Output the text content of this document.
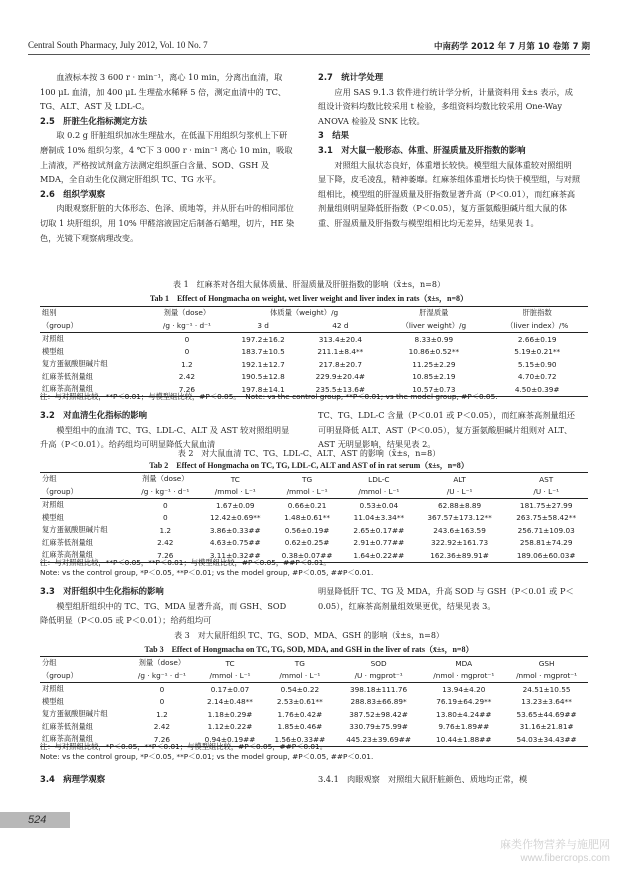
Central South Pharmacy, July 2012, Vol. 10 No. 7	中南药学 2012 年 7 月第 10 卷第 7 期

血液标本按 3 600 r · min⁻¹，离心 10 min，分离出血清，取 100 μL 血清，加 400 μL 生理盐水稀释 5 倍，测定血清中的 TC、TG、ALT、AST 及 LDL-C。

2.5　肝脏生化指标测定方法

取 0.2 g 肝脏组织加冰生理盐水，在低温下用组织匀浆机上下研磨制成 10% 组织匀浆，4 ℃下 3 000 r · min⁻¹ 离心 10 min，吸取上清液，严格按试剂盒方法测定组织蛋白含量、SOD、GSH 及 MDA，全自动生化仪测定肝组织 TC、TG 水平。

2.6　组织学观察

肉眼观察肝脏的大体形态、色泽、质地等，并从肝右叶的相同部位切取 1 块肝组织，用 10% 甲醛溶液固定后制备石蜡埋，切片，HE 染色，光镜下观察病理改变。

2.7　统计学处理

应用 SAS 9.1.3 软件进行统计学分析，计量资料用 x̄±s 表示，成组设计资料均数比较采用 t 检验，多组资料均数比较采用 One-Way ANOVA 检验及 SNK 比较。

3　结果

3.1　对大鼠一般形态、体重、肝湿质量及肝指数的影响

对照组大鼠状态良好，体重增长较快。模型组大鼠体重较对照组明显下降，皮毛凌乱，精神萎靡。红麻茶组体重增长均快于模型组，与对照组相比，模型组的肝湿质量及肝指数显著升高（P＜0.01），而红麻茶高剂量组则明显降低肝指数（P＜0.05），复方蛋氨酸胆碱片组大鼠的体重、肝湿质量及肝指数与模型组相比均无差异，结果见表 1。

表 1　红麻茶对各组大鼠体质量、肝湿质量及肝脏指数的影响（x̄±s，n=8）
Tab 1　Effect of Hongmacha on weight, wet liver weight and liver index in rats（x̄±s，n=8）
组别	剂量（dose）	体质量（weight）/g		肝湿质量	肝脏指数
（group）	/g · kg⁻¹ · d⁻¹	3 d	42 d	（liver weight）/g	（liver index）/%
对照组	0	197.2±16.2	313.4±20.4	8.33±0.99	2.66±0.19
模型组	0	183.7±10.5	211.1±8.4**	10.86±0.52**	5.19±0.21**
复方蛋氨酸胆碱片组	1.2	192.1±12.7	217.8±20.7	11.25±2.29	5.15±0.90
红麻茶低剂量组	2.42	190.5±12.8	229.9±20.4#	10.85±2.19	4.70±0.72
红麻茶高剂量组	7.26	197.8±14.1	235.5±13.6#	10.57±0.73	4.50±0.39#
注：与对照组比较，**P＜0.01；与模型组比较，#P＜0.05。 Note: vs the control group, **P＜0.01; vs the model group, #P＜0.05.

3.2　对血清生化指标的影响

模型组中的血清 TC、TG、LDL-C、ALT 及 AST 较对照组明显升高（P＜0.01）。给药组均可明显降低大鼠血清

TC、TG、LDL-C 含量（P＜0.01 或 P＜0.05），而红麻茶高剂量组还可明显降低 ALT、AST（P＜0.05），复方蛋氨酸胆碱片组则对 ALT、AST 无明显影响，结果见表 2。

表 2　对大鼠血清 TC、TG、LDL-C、ALT、AST 的影响（x̄±s，n=8）
Tab 2　Effect of Hongmacha on TC, TG, LDL-C, ALT and AST of in rat serum（x̄±s，n=8）
分组	剂量（dose）	TC	TG	LDL-C	ALT	AST
（group）	/g · kg⁻¹ · d⁻¹	/mmol · L⁻¹	/mmol · L⁻¹	/mmol · L⁻¹	/U · L⁻¹	/U · L⁻¹
对照组	0	1.67±0.09	0.66±0.21	0.53±0.04	62.88±8.89	181.75±27.99
模型组	0	12.42±0.69**	1.48±0.61**	11.04±3.34**	367.57±173.12**	263.75±58.42**
复方蛋氨酸胆碱片组	1.2	3.86±0.33##	0.56±0.19#	2.65±0.17##	243.6±163.59	256.71±109.03
红麻茶低剂量组	2.42	4.63±0.75##	0.62±0.25#	2.91±0.77##	322.92±161.73	258.81±74.29
红麻茶高剂量组	7.26	3.11±0.32##	0.38±0.07##	1.64±0.22##	162.36±89.91#	189.06±60.03#
注：与对照组比较，**P＜0.05，**P＜0.01；与模型组比较，#P＜0.05，##P＜0.01。
Note: vs the control group, *P＜0.05, **P＜0.01; vs the model group, #P＜0.05, ##P＜0.01.

3.3　对肝组织中生化指标的影响

模型组肝组织中的 TC、TG、MDA 显著升高，而 GSH、SOD 降低明显（P＜0.05 或 P＜0.01）；给药组均可

明显降低肝 TC、TG 及 MDA，升高 SOD 与 GSH（P＜0.01 或 P＜0.05），红麻茶高剂量组效果更优，结果见表 3。

表 3　对大鼠肝组织 TC、TG、SOD、MDA、GSH 的影响（x̄±s，n=8）
Tab 3　Effect of Hongmacha on TC, TG, SOD, MDA, and GSH in the liver of rats（x̄±s，n=8）
分组	剂量（dose）	TC	TG	SOD	MDA	GSH
（group）	/g · kg⁻¹ · d⁻¹	/mmol · L⁻¹	/mmol · L⁻¹	/U · mgprot⁻¹	/nmol · mgprot⁻¹	/nmol · mgprot⁻¹
对照组	0	0.17±0.07	0.54±0.22	398.18±111.76	13.94±4.20	24.51±10.55
模型组	0	2.14±0.48**	2.53±0.61**	288.83±66.89*	76.19±64.29**	13.23±3.64**
复方蛋氨酸胆碱片组	1.2	1.18±0.29#	1.76±0.42#	387.52±98.42#	13.80±4.24##	53.65±44.69##
红麻茶低剂量组	2.42	1.12±0.22#	1.85±0.46#	330.79±75.99#	9.76±1.89##	31.16±21.81#
红麻茶高剂量组	7.26	0.94±0.19##	1.56±0.33##	445.23±39.69##	10.44±1.88##	54.03±34.43##
注：与对照组比较，*P＜0.05，**P＜0.01；与模型组比较，#P＜0.05，##P＜0.01。
Note: vs the control group, *P＜0.05, **P＜0.01; vs the model group, #P＜0.05, ##P＜0.01.

3.4　病理学观察	3.4.1　肉眼观察　对照组大鼠肝脏颜色、质地均正常，模

524
麻类作物营养与施肥网
www.fibercrops.com
